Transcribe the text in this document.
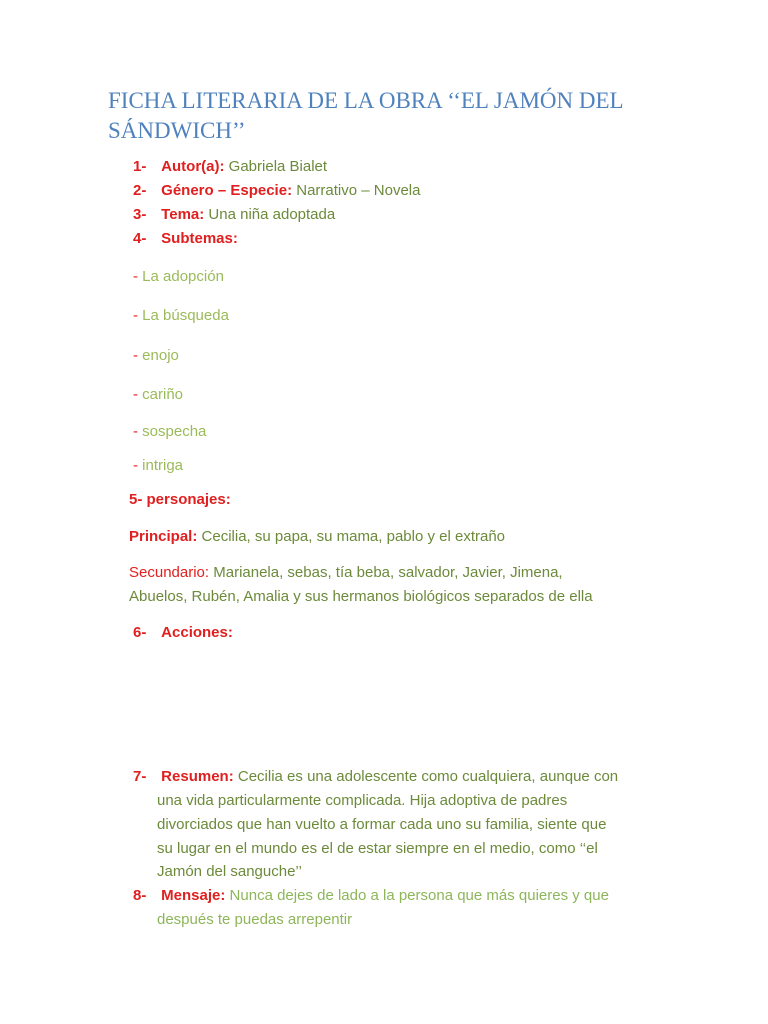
FICHA LITERARIA DE LA OBRA ‘‘EL JAMÓN DEL SÁNDWICH’’
1- Autor(a): Gabriela Bialet
2- Género – Especie: Narrativo – Novela
3- Tema: Una niña adoptada
4- Subtemas:
- La adopción
- La búsqueda
- enojo
- cariño
- sospecha
- intriga
5- personajes:
Principal: Cecilia, su papa, su mama, pablo y el extraño
Secundario: Marianela, sebas, tía beba, salvador, Javier, Jimena,
Abuelos, Rubén, Amalia y sus hermanos biológicos separados de ella
6- Acciones:
7- Resumen: Cecilia es una adolescente como cualquiera, aunque con
una vida particularmente complicada. Hija adoptiva de padres
divorciados que han vuelto a formar cada uno su familia, siente que
su lugar en el mundo es el de estar siempre en el medio, como ‘‘el
Jamón del sanguche’’
8- Mensaje: Nunca dejes de lado a la persona que más quieres y que
después te puedas arrepentir
